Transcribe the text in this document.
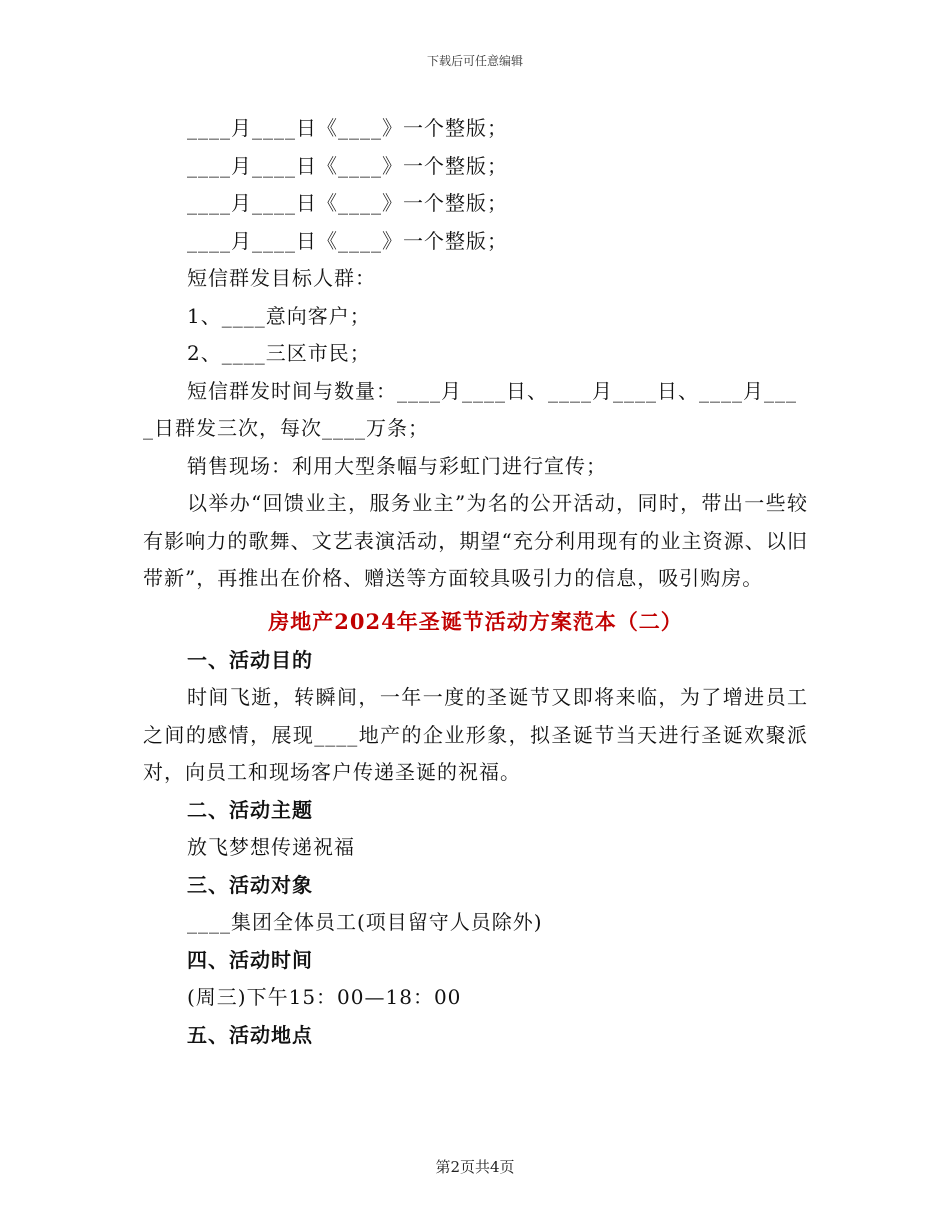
下载后可任意编辑
____月____日《____》一个整版；
____月____日《____》一个整版；
____月____日《____》一个整版；
____月____日《____》一个整版；
短信群发目标人群：
1、____意向客户；
2、____三区市民；
短信群发时间与数量：____月____日、____月____日、____月___
_日群发三次，每次____万条；
销售现场：利用大型条幅与彩虹门进行宣传；
以举办“回馈业主，服务业主”为名的公开活动，同时，带出一些较有影响力的歌舞、文艺表演活动，期望“充分利用现有的业主资源、以旧带新”，再推出在价格、赠送等方面较具吸引力的信息，吸引购房。
房地产2024年圣诞节活动方案范本（二）
一、活动目的
时间飞逝，转瞬间，一年一度的圣诞节又即将来临，为了增进员工之间的感情，展现____地产的企业形象，拟圣诞节当天进行圣诞欢聚派对，向员工和现场客户传递圣诞的祝福。
二、活动主题
放飞梦想传递祝福
三、活动对象
____集团全体员工(项目留守人员除外)
四、活动时间
(周三)下午15：00—18：00
五、活动地点
第2页共4页
